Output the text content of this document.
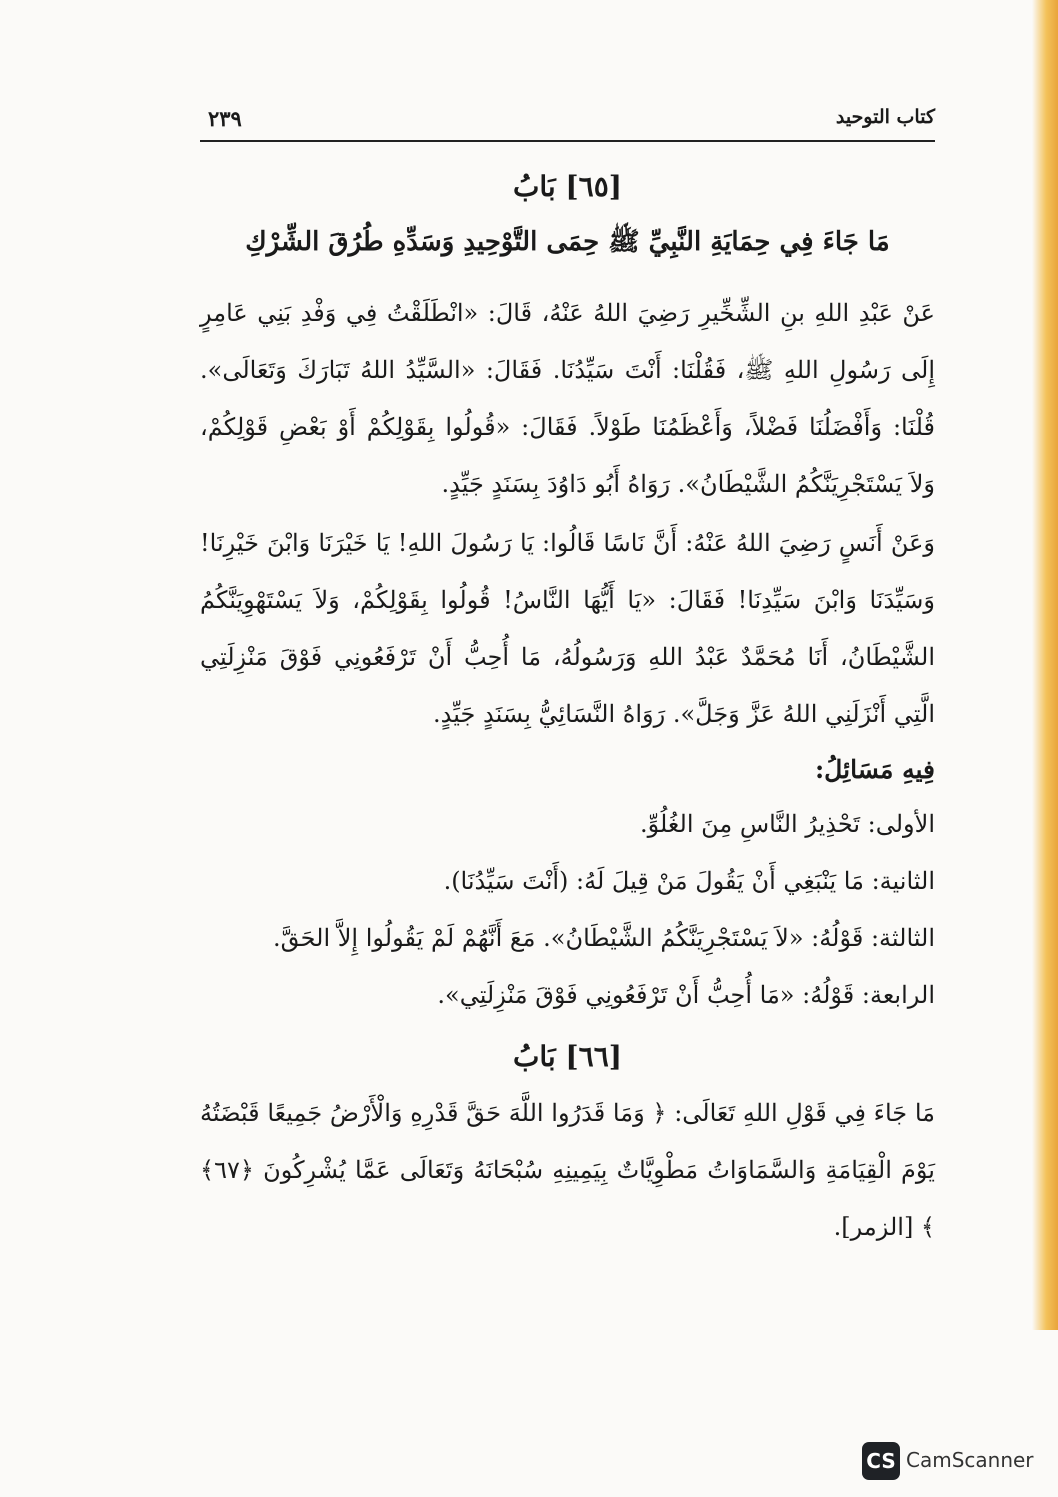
كتاب التوحيد
٢٣٩
[٦٥] بَابُ
مَا جَاءَ فِي حِمَايَةِ النَّبِيِّ ﷺ حِمَى التَّوْحِيدِ وَسَدِّهِ طُرُقَ الشِّرْكِ
عَنْ عَبْدِ اللهِ بنِ الشِّخِّيرِ رَضِيَ اللهُ عَنْهُ، قَالَ: «انْطَلَقْتُ فِي وَفْدِ بَنِي عَامِرٍ إِلَى رَسُولِ اللهِ ﷺ، فَقُلْنَا: أَنْتَ سَيِّدُنَا. فَقَالَ: «السَّيِّدُ اللهُ تَبَارَكَ وَتَعَالَى». قُلْنَا: وَأَفْضَلُنَا فَضْلاً، وَأَعْظَمُنَا طَوْلاً. فَقَالَ: «قُولُوا بِقَوْلِكُمْ أَوْ بَعْضِ قَوْلِكُمْ، وَلاَ يَسْتَجْرِيَنَّكُمُ الشَّيْطَانُ». رَوَاهُ أَبُو دَاوُدَ بِسَنَدٍ جَيِّدٍ.
وَعَنْ أَنَسٍ رَضِيَ اللهُ عَنْهُ: أَنَّ نَاسًا قَالُوا: يَا رَسُولَ اللهِ! يَا خَيْرَنَا وَابْنَ خَيْرِنَا! وَسَيِّدَنَا وَابْنَ سَيِّدِنَا! فَقَالَ: «يَا أَيُّهَا النَّاسُ! قُولُوا بِقَوْلِكُمْ، وَلاَ يَسْتَهْوِيَنَّكُمُ الشَّيْطَانُ، أَنَا مُحَمَّدٌ عَبْدُ اللهِ وَرَسُولُهُ، مَا أُحِبُّ أَنْ تَرْفَعُونِي فَوْقَ مَنْزِلَتِي الَّتِي أَنْزَلَنِي اللهُ عَزَّ وَجَلَّ». رَوَاهُ النَّسَائِيُّ بِسَنَدٍ جَيِّدٍ.
فِيهِ مَسَائِلُ:
الأولى: تَحْذِيرُ النَّاسِ مِنَ الغُلُوِّ.
الثانية: مَا يَنْبَغِي أَنْ يَقُولَ مَنْ قِيلَ لَهُ: (أَنْتَ سَيِّدُنَا).
الثالثة: قَوْلُهُ: «لاَ يَسْتَجْرِيَنَّكُمُ الشَّيْطَانُ». مَعَ أَنَّهُمْ لَمْ يَقُولُوا إِلاَّ الحَقَّ.
الرابعة: قَوْلُهُ: «مَا أُحِبُّ أَنْ تَرْفَعُونِي فَوْقَ مَنْزِلَتِي».
[٦٦] بَابُ
مَا جَاءَ فِي قَوْلِ اللهِ تَعَالَى: ﴿ وَمَا قَدَرُوا اللَّهَ حَقَّ قَدْرِهِ وَالْأَرْضُ جَمِيعًا قَبْضَتُهُ يَوْمَ الْقِيَامَةِ وَالسَّمَاوَاتُ مَطْوِيَّاتٌ بِيَمِينِهِ سُبْحَانَهُ وَتَعَالَى عَمَّا يُشْرِكُونَ ﴿٦٧﴾ ﴾ [الزمر].
CS CamScanner
